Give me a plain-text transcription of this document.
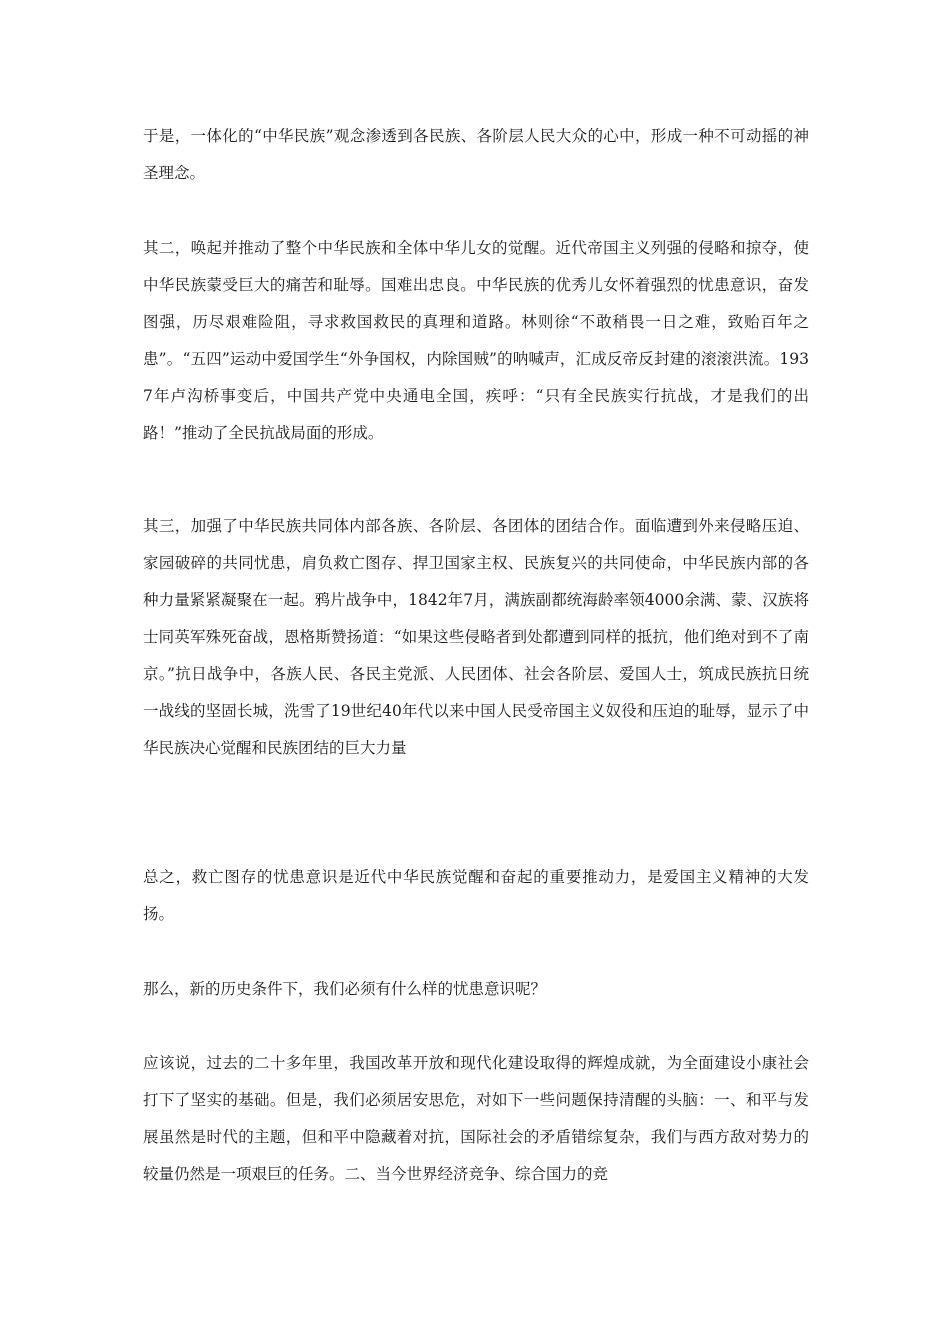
于是，一体化的“中华民族”观念渗透到各民族、各阶层人民大众的心中，形成一种不可动摇的神圣理念。

其二，唤起并推动了整个中华民族和全体中华儿女的觉醒。近代帝国主义列强的侵略和掠夺，使中华民族蒙受巨大的痛苦和耻辱。国难出忠良。中华民族的优秀儿女怀着强烈的忧患意识，奋发图强，历尽艰难险阻，寻求救国救民的真理和道路。林则徐“不敢稍畏一日之难，致贻百年之患”。“五四”运动中爱国学生“外争国权，内除国贼”的呐喊声，汇成反帝反封建的滚滚洪流。1937年卢沟桥事变后，中国共产党中央通电全国，疾呼：“只有全民族实行抗战，才是我们的出路！”推动了全民抗战局面的形成。

其三，加强了中华民族共同体内部各族、各阶层、各团体的团结合作。面临遭到外来侵略压迫、家园破碎的共同忧患，肩负救亡图存、捍卫国家主权、民族复兴的共同使命，中华民族内部的各种力量紧紧凝聚在一起。鸦片战争中，1842年7月，满族副都统海龄率领4000余满、蒙、汉族将士同英军殊死奋战，恩格斯赞扬道：“如果这些侵略者到处都遭到同样的抵抗，他们绝对到不了南京。”抗日战争中，各族人民、各民主党派、人民团体、社会各阶层、爱国人士，筑成民族抗日统一战线的坚固长城，洗雪了19世纪40年代以来中国人民受帝国主义奴役和压迫的耻辱，显示了中华民族决心觉醒和民族团结的巨大力量

总之，救亡图存的忧患意识是近代中华民族觉醒和奋起的重要推动力，是爱国主义精神的大发扬。

那么，新的历史条件下，我们必须有什么样的忧患意识呢？

应该说，过去的二十多年里，我国改革开放和现代化建设取得的辉煌成就，为全面建设小康社会打下了坚实的基础。但是，我们必须居安思危，对如下一些问题保持清醒的头脑：一、和平与发展虽然是时代的主题，但和平中隐藏着对抗，国际社会的矛盾错综复杂，我们与西方敌对势力的较量仍然是一项艰巨的任务。二、当今世界经济竞争、综合国力的竞
